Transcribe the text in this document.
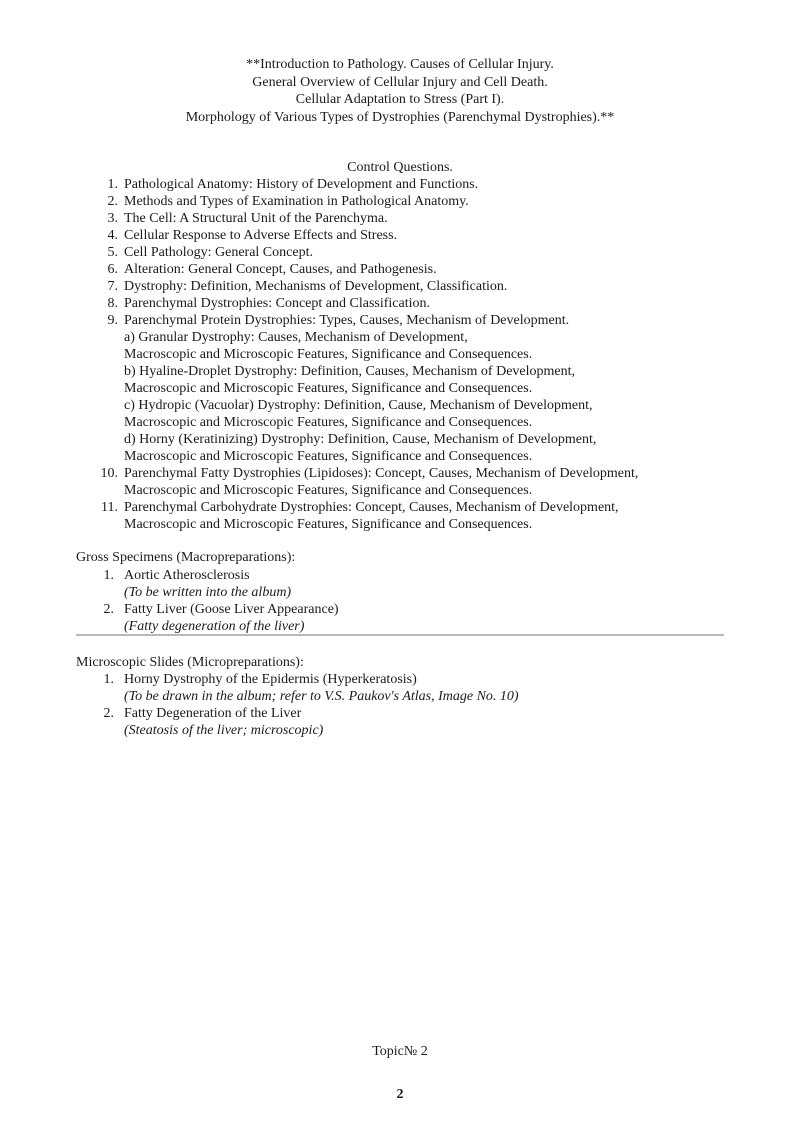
**Introduction to Pathology. Causes of Cellular Injury.
General Overview of Cellular Injury and Cell Death.
Cellular Adaptation to Stress (Part I).
Morphology of Various Types of Dystrophies (Parenchymal Dystrophies).**
Control Questions.
1. Pathological Anatomy: History of Development and Functions.
2. Methods and Types of Examination in Pathological Anatomy.
3. The Cell: A Structural Unit of the Parenchyma.
4. Cellular Response to Adverse Effects and Stress.
5. Cell Pathology: General Concept.
6. Alteration: General Concept, Causes, and Pathogenesis.
7. Dystrophy: Definition, Mechanisms of Development, Classification.
8. Parenchymal Dystrophies: Concept and Classification.
9. Parenchymal Protein Dystrophies: Types, Causes, Mechanism of Development.
a) Granular Dystrophy: Causes, Mechanism of Development,
Macroscopic and Microscopic Features, Significance and Consequences.
b) Hyaline-Droplet Dystrophy: Definition, Causes, Mechanism of Development,
Macroscopic and Microscopic Features, Significance and Consequences.
c) Hydropic (Vacuolar) Dystrophy: Definition, Cause, Mechanism of Development,
Macroscopic and Microscopic Features, Significance and Consequences.
d) Horny (Keratinizing) Dystrophy: Definition, Cause, Mechanism of Development,
Macroscopic and Microscopic Features, Significance and Consequences.
10. Parenchymal Fatty Dystrophies (Lipidoses): Concept, Causes, Mechanism of Development,
Macroscopic and Microscopic Features, Significance and Consequences.
11. Parenchymal Carbohydrate Dystrophies: Concept, Causes, Mechanism of Development,
Macroscopic and Microscopic Features, Significance and Consequences.
Gross Specimens (Macropreparations):
1. Aortic Atherosclerosis
(To be written into the album)
2. Fatty Liver (Goose Liver Appearance)
(Fatty degeneration of the liver)
Microscopic Slides (Micropreparations):
1. Horny Dystrophy of the Epidermis (Hyperkeratosis)
(To be drawn in the album; refer to V.S. Paukov's Atlas, Image No. 10)
2. Fatty Degeneration of the Liver
(Steatosis of the liver; microscopic)
Topic№ 2
2
